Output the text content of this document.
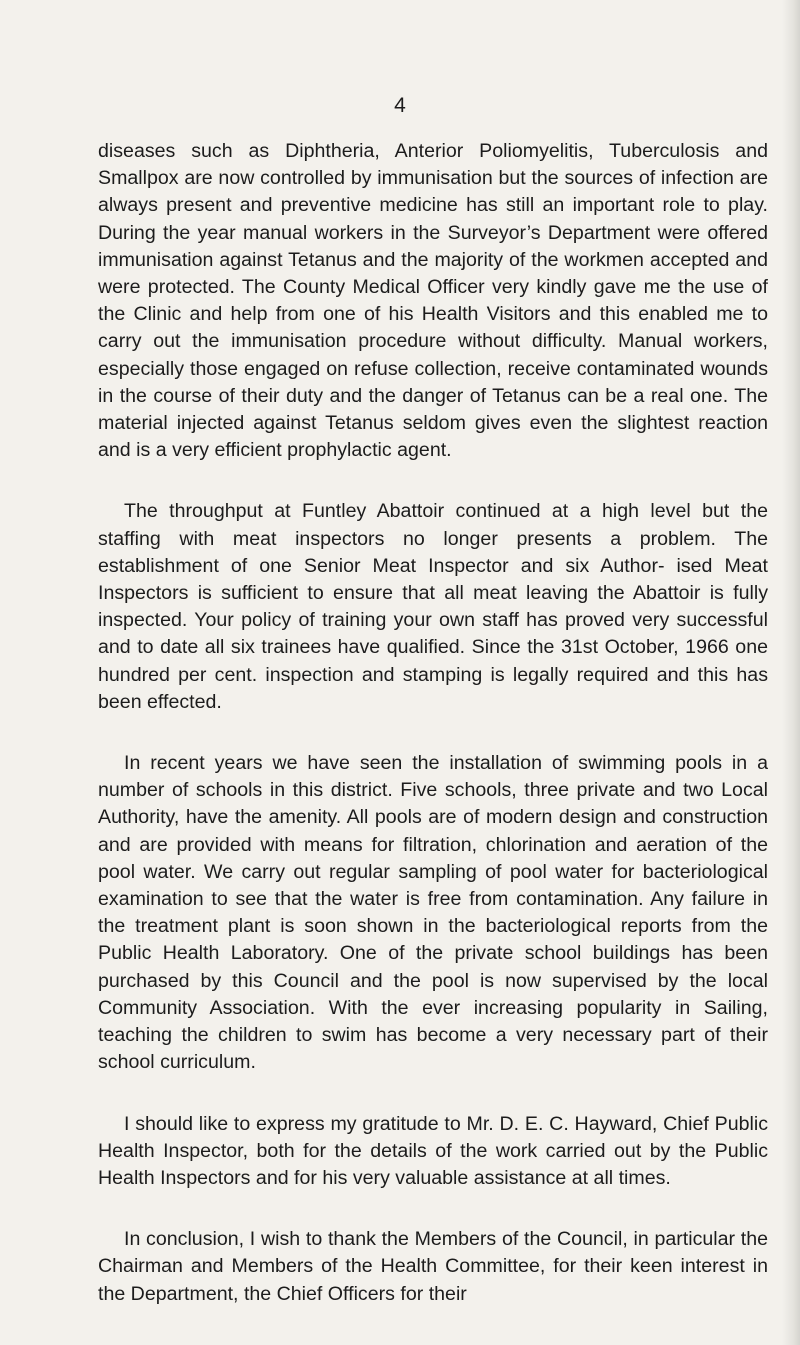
4

diseases such as Diphtheria, Anterior Poliomyelitis, Tuberculosis and Smallpox are now controlled by immunisation but the sources of infection are always present and preventive medicine has still an important role to play. During the year manual workers in the Surveyor’s Department were offered immunisation against Tetanus and the majority of the workmen accepted and were protected. The County Medical Officer very kindly gave me the use of the Clinic and help from one of his Health Visitors and this enabled me to carry out the immunisation procedure without difficulty. Manual workers, especially those engaged on refuse collection, receive contaminated wounds in the course of their duty and the danger of Tetanus can be a real one. The material injected against Tetanus seldom gives even the slightest reaction and is a very efficient prophylactic agent.

The throughput at Funtley Abattoir continued at a high level but the staffing with meat inspectors no longer presents a problem. The establishment of one Senior Meat Inspector and six Author- ised Meat Inspectors is sufficient to ensure that all meat leaving the Abattoir is fully inspected. Your policy of training your own staff has proved very successful and to date all six trainees have qualified. Since the 31st October, 1966 one hundred per cent. inspection and stamping is legally required and this has been effected.

In recent years we have seen the installation of swimming pools in a number of schools in this district. Five schools, three private and two Local Authority, have the amenity. All pools are of modern design and construction and are provided with means for filtration, chlorination and aeration of the pool water. We carry out regular sampling of pool water for bacteriological examination to see that the water is free from contamination. Any failure in the treatment plant is soon shown in the bacteriological reports from the Public Health Laboratory. One of the private school buildings has been purchased by this Council and the pool is now supervised by the local Community Association. With the ever increasing popularity in Sailing, teaching the children to swim has become a very necessary part of their school curriculum.

I should like to express my gratitude to Mr. D. E. C. Hayward, Chief Public Health Inspector, both for the details of the work carried out by the Public Health Inspectors and for his very valuable assistance at all times.

In conclusion, I wish to thank the Members of the Council, in particular the Chairman and Members of the Health Committee, for their keen interest in the Department, the Chief Officers for their
